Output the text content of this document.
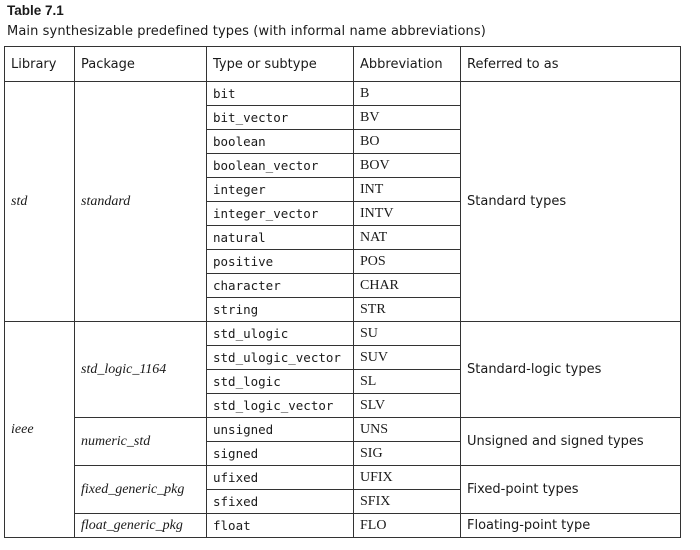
Table 7.1
Main synthesizable predefined types (with informal name abbreviations)
Library	Package	Type or subtype	Abbreviation	Referred to as
std	standard	bit	B	Standard types
		bit_vector	BV	
		boolean	BO	
		boolean_vector	BOV	
		integer	INT	
		integer_vector	INTV	
		natural	NAT	
		positive	POS	
		character	CHAR	
		string	STR	
ieee	std_logic_1164	std_ulogic	SU	Standard-logic types
		std_ulogic_vector	SUV	
		std_logic	SL	
		std_logic_vector	SLV	
	numeric_std	unsigned	UNS	Unsigned and signed types
		signed	SIG	
	fixed_generic_pkg	ufixed	UFIX	Fixed-point types
		sfixed	SFIX	
	float_generic_pkg	float	FLO	Floating-point type
